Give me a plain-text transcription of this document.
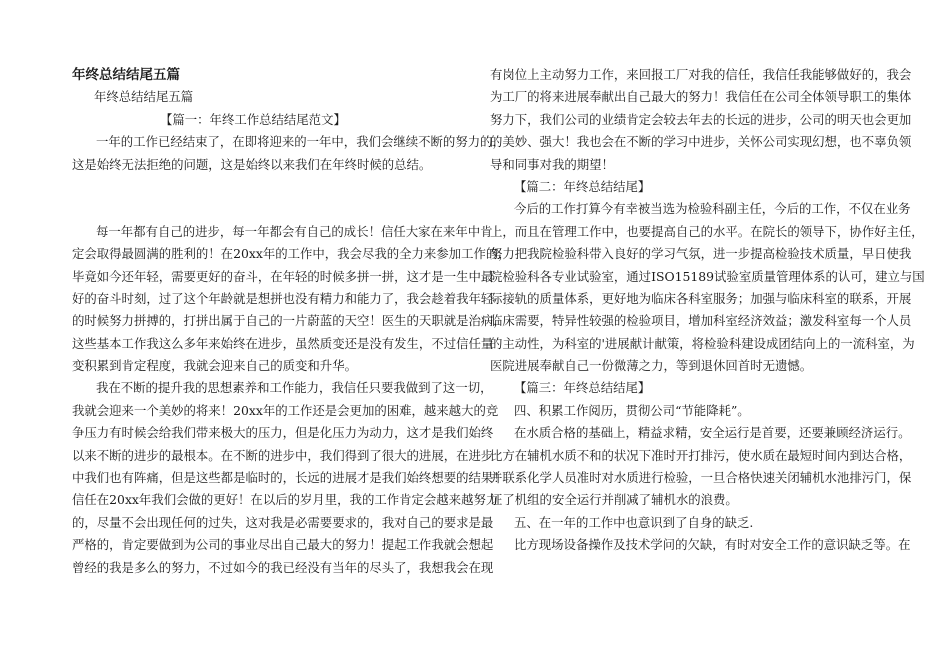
年终总结结尾五篇
年终总结结尾五篇
【篇一：年终工作总结结尾范文】
一年的工作已经结束了，在即将迎来的一年中，我们会继续不断的努力的，
这是始终无法拒绝的问题，这是始终以来我们在年终时候的总结。
每一年都有自己的进步，每一年都会有自己的成长！信任大家在来年中肯
定会取得最圆满的胜利的！在20xx年的工作中，我会尽我的全力来参加工作的，
毕竟如今还年轻，需要更好的奋斗，在年轻的时候多拼一拼，这才是一生中最
好的奋斗时刻，过了这个年龄就是想拼也没有精力和能力了，我会趁着我年轻
的时候努力拼搏的，打拼出属于自己的一片蔚蓝的天空！医生的天职就是治病，
这些基本工作我这么多年来始终在进步，虽然质变还是没有发生，不过信任量
变积累到肯定程度，我就会迎来自己的质变和升华。
我在不断的提升我的思想素养和工作能力，我信任只要我做到了这一切，
我就会迎来一个美妙的将来！20xx年的工作还是会更加的困难，越来越大的竞
争压力有时候会给我们带来极大的压力，但是化压力为动力，这才是我们始终
以来不断的进步的最根本。在不断的进步中，我们得到了很大的进展，在进步
中我们也有阵痛，但是这些都是临时的，长远的进展才是我们始终想要的结果！
信任在20xx年我们会做的更好！在以后的岁月里，我的工作肯定会越来越努力
的，尽量不会出现任何的过失，这对我是必需要要求的，我对自己的要求是最
严格的，肯定要做到为公司的事业尽出自己最大的努力！提起工作我就会想起
曾经的我是多么的努力，不过如今的我已经没有当年的尽头了，我想我会在现
有岗位上主动努力工作，来回报工厂对我的信任，我信任我能够做好的，我会
为工厂的将来进展奉献出自己最大的努力！我信任在公司全体领导职工的集体
努力下，我们公司的业绩肯定会较去年去的长远的进步，公司的明天也会更加
的美妙、强大！我也会在不断的学习中进步，关怀公司实现幻想，也不辜负领
导和同事对我的期望！
【篇二：年终总结结尾】
今后的工作打算今有幸被当选为检验科副主任，今后的工作，不仅在业务
上，而且在管理工作中，也要提高自己的水平。在院长的领导下，协作好主任，
努力把我院检验科带入良好的学习气氛，进一步提高检验技术质量，早日使我
院检验科各专业试验室，通过ISO15189试验室质量管理体系的认可，建立与国
际接轨的质量体系，更好地为临床各科室服务；加强与临床科室的联系，开展
临床需要，特异性较强的检验项目，增加科室经济效益；激发科室每一个人员
的主动性，为科室的'进展献计献策，将检验科建设成团结向上的一流科室，为
医院进展奉献自己一份微薄之力，等到退休回首时无遗憾。
【篇三：年终总结结尾】
四、积累工作阅历，贯彻公司“节能降耗”。
在水质合格的基础上，精益求精，安全运行是首要，还要兼顾经济运行。
比方在辅机水质不和的状况下准时开打排污，使水质在最短时间内到达合格，
并联系化学人员准时对水质进行检验，一旦合格快速关闭辅机水池排污门，保
证了机组的安全运行并削减了辅机水的浪费。
五、在一年的工作中也意识到了自身的缺乏.
比方现场设备操作及技术学问的欠缺，有时对安全工作的意识缺乏等。在
